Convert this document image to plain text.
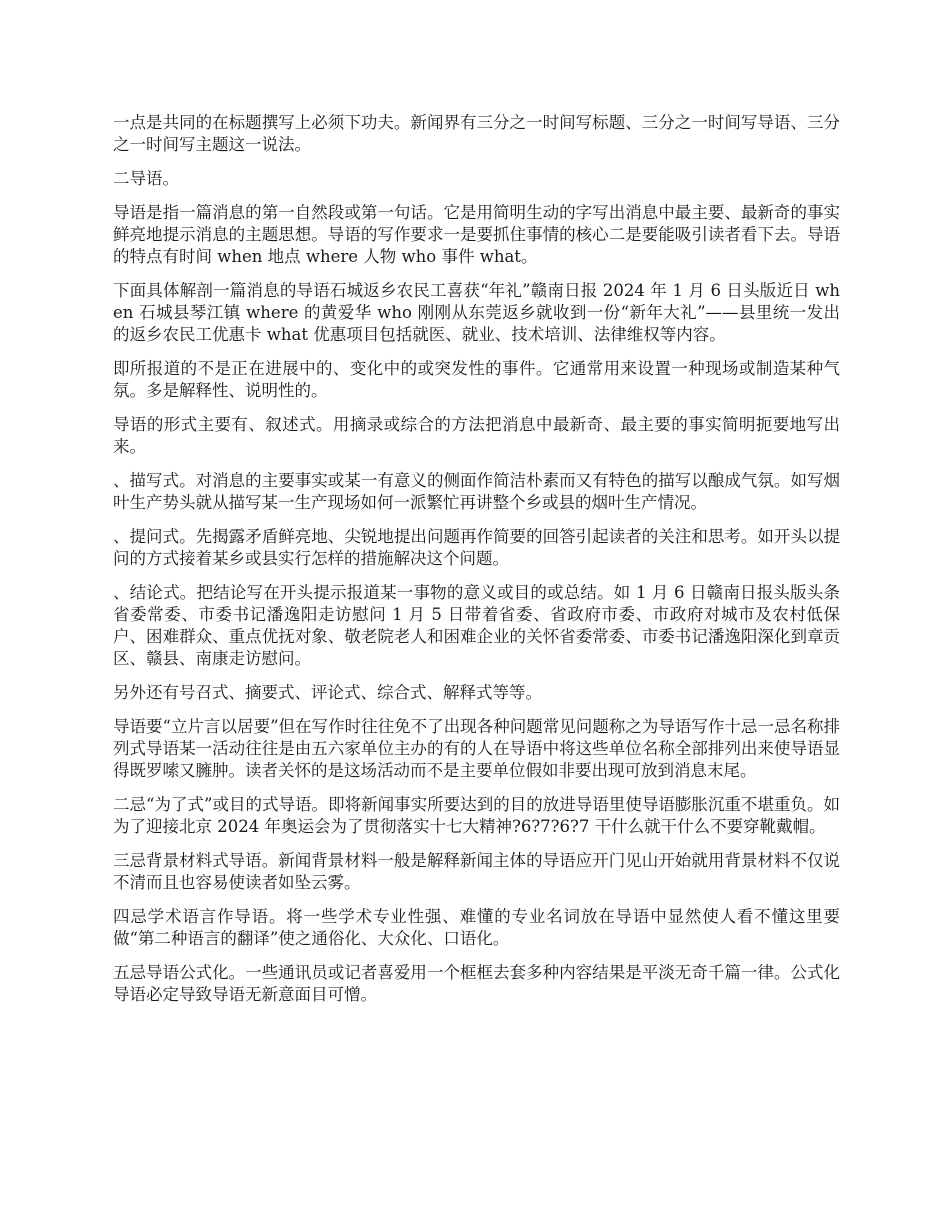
一点是共同的在标题撰写上必须下功夫。新闻界有三分之一时间写标题、三分之一时间写导语、三分之一时间写主题这一说法。

二导语。

导语是指一篇消息的第一自然段或第一句话。它是用简明生动的字写出消息中最主要、最新奇的事实鲜亮地提示消息的主题思想。导语的写作要求一是要抓住事情的核心二是要能吸引读者看下去。导语的特点有时间 when 地点 where 人物 who 事件 what。

下面具体解剖一篇消息的导语石城返乡农民工喜获“年礼”赣南日报 2024 年 1 月 6 日头版近日 when 石城县琴江镇 where 的黄爱华 who 刚刚从东莞返乡就收到一份“新年大礼”——县里统一发出的返乡农民工优惠卡 what 优惠项目包括就医、就业、技术培训、法律维权等内容。

即所报道的不是正在进展中的、变化中的或突发性的事件。它通常用来设置一种现场或制造某种气氛。多是解释性、说明性的。

导语的形式主要有、叙述式。用摘录或综合的方法把消息中最新奇、最主要的事实简明扼要地写出来。

、描写式。对消息的主要事实或某一有意义的侧面作简洁朴素而又有特色的描写以酿成气氛。如写烟叶生产势头就从描写某一生产现场如何一派繁忙再讲整个乡或县的烟叶生产情况。

、提问式。先揭露矛盾鲜亮地、尖锐地提出问题再作简要的回答引起读者的关注和思考。如开头以提问的方式接着某乡或县实行怎样的措施解决这个问题。

、结论式。把结论写在开头提示报道某一事物的意义或目的或总结。如 1 月 6 日赣南日报头版头条省委常委、市委书记潘逸阳走访慰问 1 月 5 日带着省委、省政府市委、市政府对城市及农村低保户、困难群众、重点优抚对象、敬老院老人和困难企业的关怀省委常委、市委书记潘逸阳深化到章贡区、赣县、南康走访慰问。

另外还有号召式、摘要式、评论式、综合式、解释式等等。

导语要“立片言以居要”但在写作时往往免不了出现各种问题常见问题称之为导语写作十忌一忌名称排列式导语某一活动往往是由五六家单位主办的有的人在导语中将这些单位名称全部排列出来使导语显得既罗嗦又臃肿。读者关怀的是这场活动而不是主要单位假如非要出现可放到消息末尾。

二忌“为了式”或目的式导语。即将新闻事实所要达到的目的放进导语里使导语膨胀沉重不堪重负。如为了迎接北京 2024 年奥运会为了贯彻落实十七大精神?6?7?6?7 干什么就干什么不要穿靴戴帽。

三忌背景材料式导语。新闻背景材料一般是解释新闻主体的导语应开门见山开始就用背景材料不仅说不清而且也容易使读者如坠云雾。

四忌学术语言作导语。将一些学术专业性强、难懂的专业名词放在导语中显然使人看不懂这里要做“第二种语言的翻译”使之通俗化、大众化、口语化。

五忌导语公式化。一些通讯员或记者喜爱用一个框框去套多种内容结果是平淡无奇千篇一律。公式化导语必定导致导语无新意面目可憎。
